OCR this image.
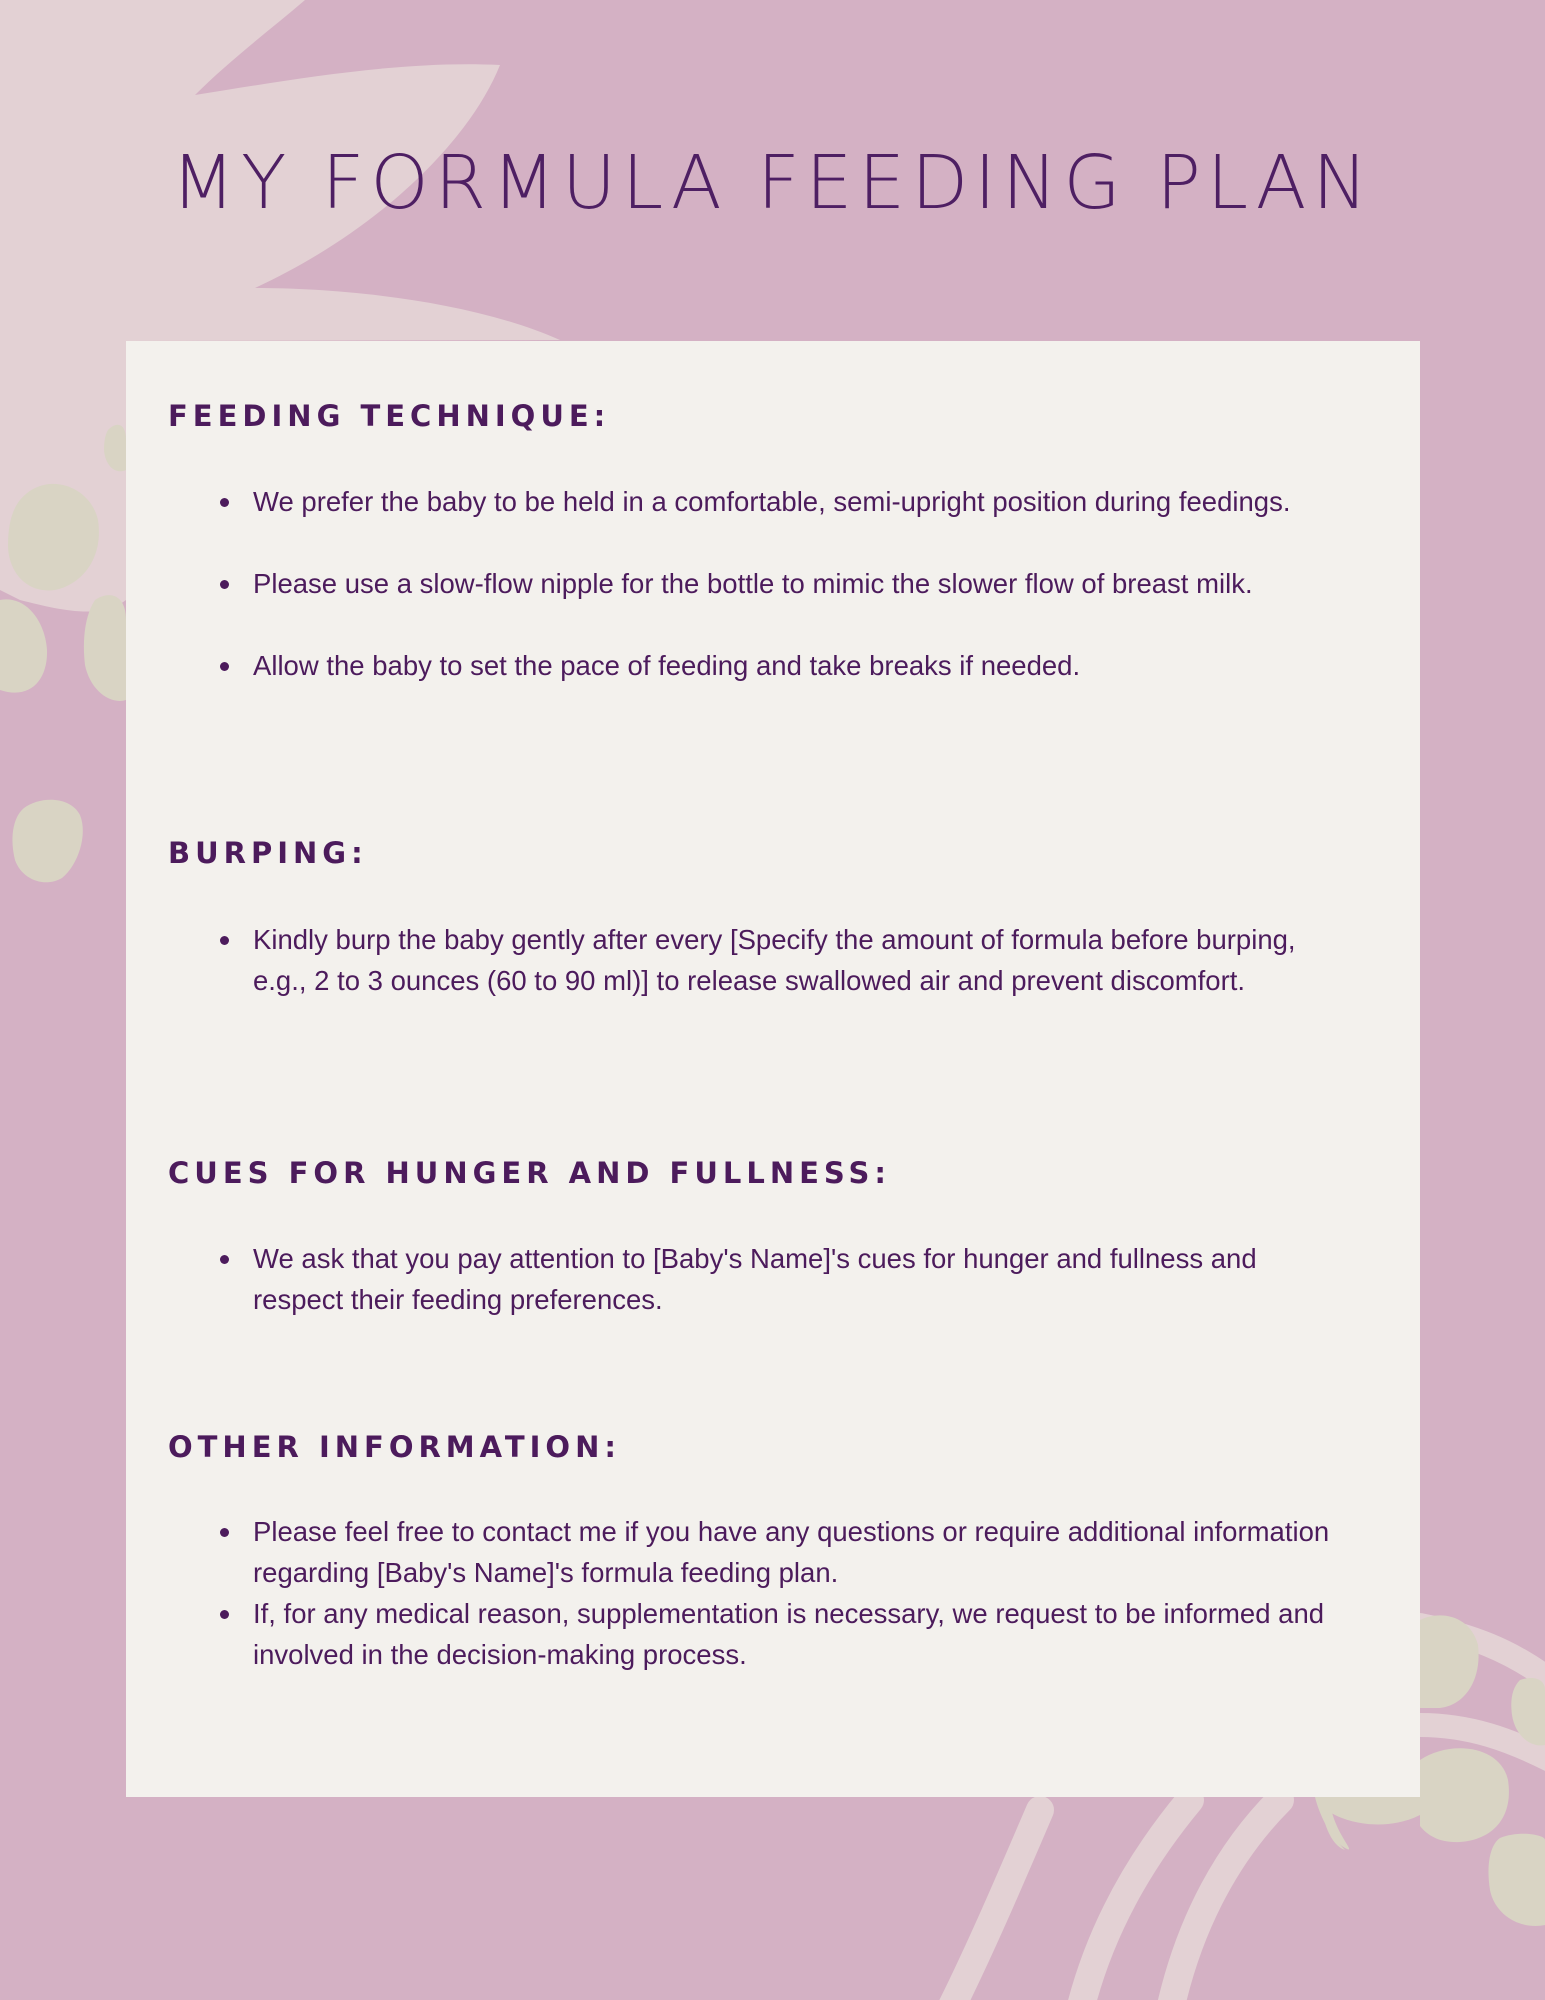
MY FORMULA FEEDING PLAN
FEEDING TECHNIQUE:
We prefer the baby to be held in a comfortable, semi-upright position during feedings.
Please use a slow-flow nipple for the bottle to mimic the slower flow of breast milk.
Allow the baby to set the pace of feeding and take breaks if needed.
BURPING:
Kindly burp the baby gently after every [Specify the amount of formula before burping, e.g., 2 to 3 ounces (60 to 90 ml)] to release swallowed air and prevent discomfort.
CUES FOR HUNGER AND FULLNESS:
We ask that you pay attention to [Baby's Name]'s cues for hunger and fullness and respect their feeding preferences.
OTHER INFORMATION:
Please feel free to contact me if you have any questions or require additional information regarding [Baby's Name]'s formula feeding plan.
If, for any medical reason, supplementation is necessary, we request to be informed and involved in the decision-making process.
